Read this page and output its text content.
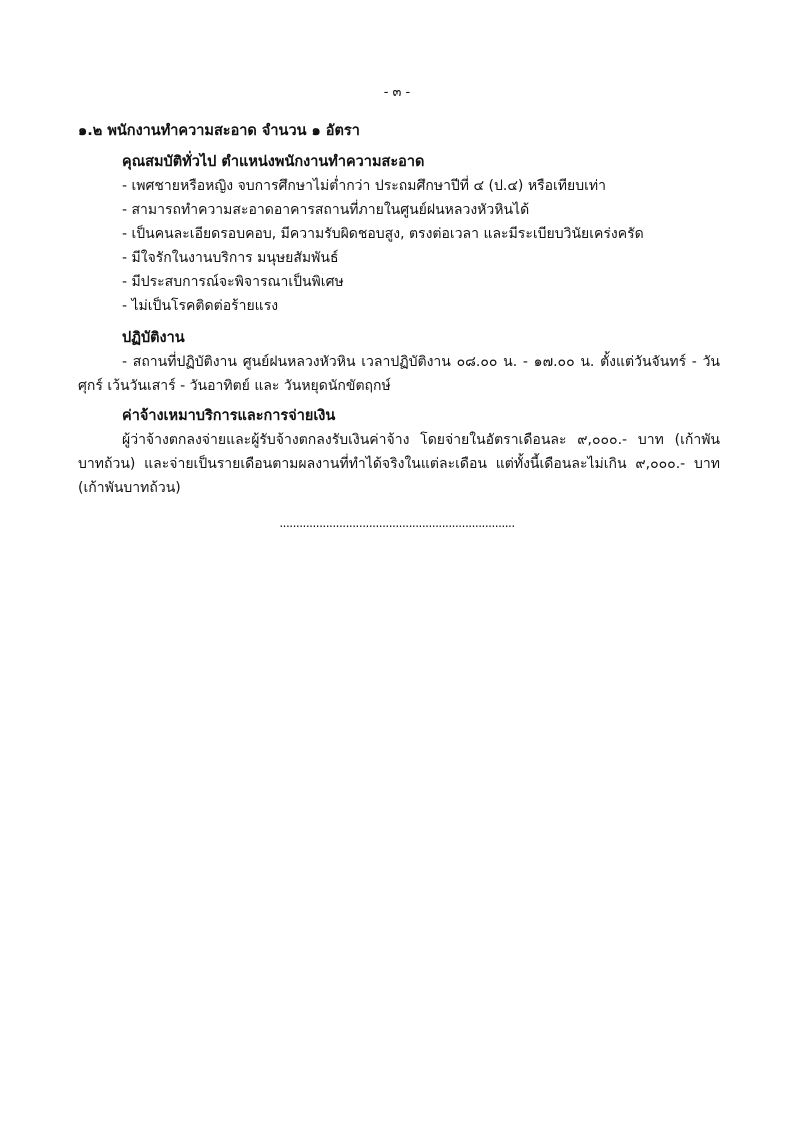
- ๓ -
๑.๒ พนักงานทำความสะอาด จำนวน ๑ อัตรา
คุณสมบัติทั่วไป ตำแหน่งพนักงานทำความสะอาด
- เพศชายหรือหญิง จบการศึกษาไม่ต่ำกว่า ประถมศึกษาปีที่ ๔ (ป.๔) หรือเทียบเท่า
- สามารถทำความสะอาดอาคารสถานที่ภายในศูนย์ฝนหลวงหัวหินได้
- เป็นคนละเอียดรอบคอบ, มีความรับผิดชอบสูง, ตรงต่อเวลา และมีระเบียบวินัยเคร่งครัด
- มีใจรักในงานบริการ มนุษยสัมพันธ์
- มีประสบการณ์จะพิจารณาเป็นพิเศษ
- ไม่เป็นโรคติดต่อร้ายแรง
ปฏิบัติงาน
- สถานที่ปฏิบัติงาน ศูนย์ฝนหลวงหัวหิน เวลาปฏิบัติงาน ๐๘.๐๐ น. - ๑๗.๐๐ น. ตั้งแต่วันจันทร์ - วันศุกร์ เว้นวันเสาร์ - วันอาทิตย์ และ วันหยุดนักขัตฤกษ์
ค่าจ้างเหมาบริการและการจ่ายเงิน
ผู้ว่าจ้างตกลงจ่ายและผู้รับจ้างตกลงรับเงินค่าจ้าง โดยจ่ายในอัตราเดือนละ ๙,๐๐๐.- บาท (เก้าพันบาทถ้วน) และจ่ายเป็นรายเดือนตามผลงานที่ทำได้จริงในแต่ละเดือน แต่ทั้งนี้เดือนละไม่เกิน ๙,๐๐๐.- บาท (เก้าพันบาทถ้วน)
.......................................................................
